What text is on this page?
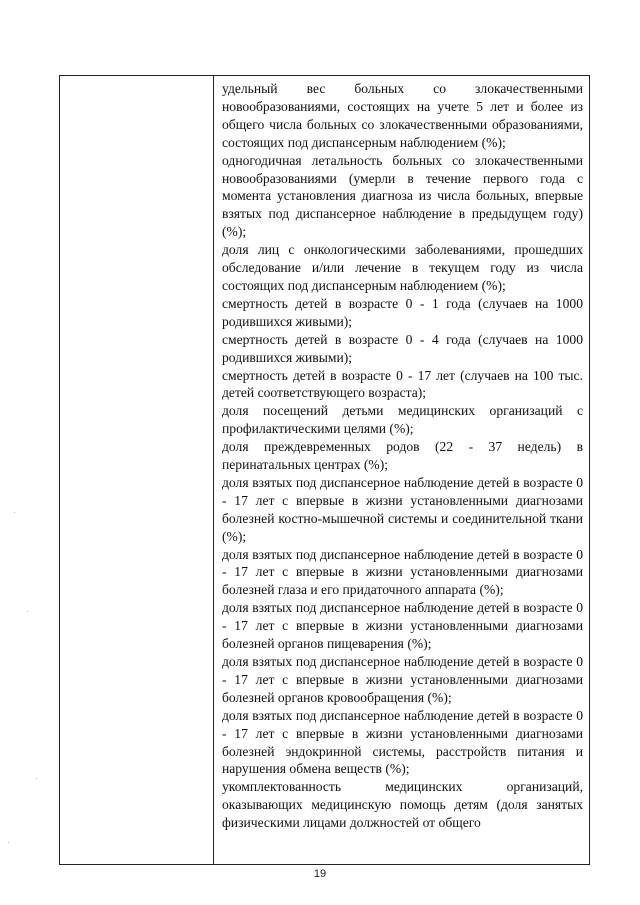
удельный вес больных со злокачественными новообразованиями, состоящих на учете 5 лет и более из общего числа больных со злокачественными образованиями, состоящих под диспансерным наблюдением (%);

одногодичная летальность больных со злокачественными новообразованиями (умерли в течение первого года с момента установления диагноза из числа больных, впервые взятых под диспансерное наблюдение в предыдущем году) (%);

доля лиц с онкологическими заболеваниями, прошедших обследование и/или лечение в текущем году из числа состоящих под диспансерным наблюдением (%);

смертность детей в возрасте 0 - 1 года (случаев на 1000 родившихся живыми);

смертность детей в возрасте 0 - 4 года (случаев на 1000 родившихся живыми);

смертность детей в возрасте 0 - 17 лет (случаев на 100 тыс. детей соответствующего возраста);

доля посещений детьми медицинских организаций с профилактическими целями (%);

доля преждевременных родов (22 - 37 недель) в перинатальных центрах (%);

доля взятых под диспансерное наблюдение детей в возрасте 0 - 17 лет с впервые в жизни установленными диагнозами болезней костно-мышечной системы и соединительной ткани (%);

доля взятых под диспансерное наблюдение детей в возрасте 0 - 17 лет с впервые в жизни установленными диагнозами болезней глаза и его придаточного аппарата (%);

доля взятых под диспансерное наблюдение детей в возрасте 0 - 17 лет с впервые в жизни установленными диагнозами болезней органов пищеварения (%);

доля взятых под диспансерное наблюдение детей в возрасте 0 - 17 лет с впервые в жизни установленными диагнозами болезней органов кровообращения (%);

доля взятых под диспансерное наблюдение детей в возрасте 0 - 17 лет с впервые в жизни установленными диагнозами болезней эндокринной системы, расстройств питания и нарушения обмена веществ (%);

укомплектованность медицинских организаций, оказывающих медицинскую помощь детям (доля занятых физическими лицами должностей от общего

19
